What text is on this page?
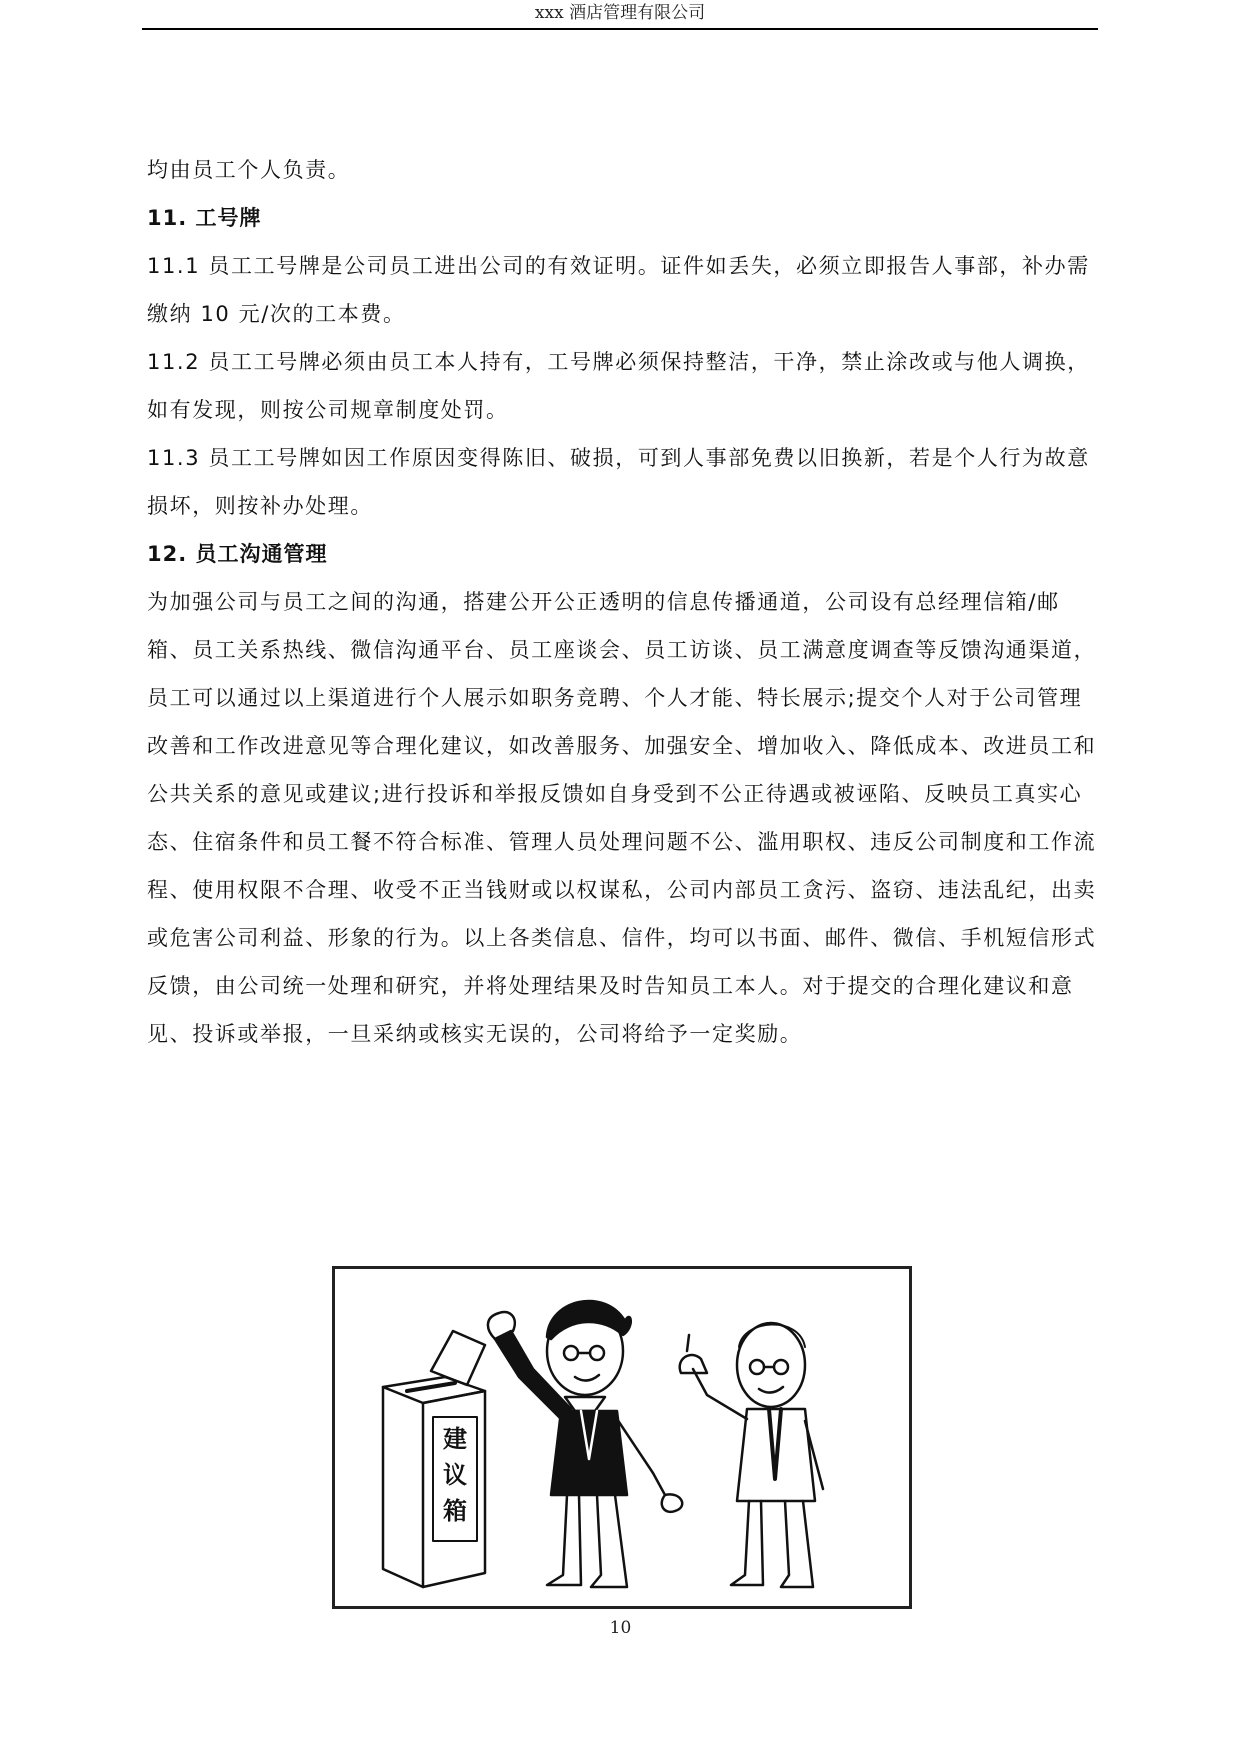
xxx 酒店管理有限公司

均由员工个人负责。

11. 工号牌

11.1 员工工号牌是公司员工进出公司的有效证明。证件如丢失，必须立即报告人事部，补办需缴纳 10 元/次的工本费。

11.2 员工工号牌必须由员工本人持有，工号牌必须保持整洁，干净，禁止涂改或与他人调换，如有发现，则按公司规章制度处罚。

11.3 员工工号牌如因工作原因变得陈旧、破损，可到人事部免费以旧换新，若是个人行为故意损坏，则按补办处理。

12. 员工沟通管理

为加强公司与员工之间的沟通，搭建公开公正透明的信息传播通道，公司设有总经理信箱/邮箱、员工关系热线、微信沟通平台、员工座谈会、员工访谈、员工满意度调查等反馈沟通渠道，员工可以通过以上渠道进行个人展示如职务竞聘、个人才能、特长展示;提交个人对于公司管理改善和工作改进意见等合理化建议，如改善服务、加强安全、增加收入、降低成本、改进员工和公共关系的意见或建议;进行投诉和举报反馈如自身受到不公正待遇或被诬陷、反映员工真实心态、住宿条件和员工餐不符合标准、管理人员处理问题不公、滥用职权、违反公司制度和工作流程、使用权限不合理、收受不正当钱财或以权谋私，公司内部员工贪污、盗窃、违法乱纪，出卖或危害公司利益、形象的行为。以上各类信息、信件，均可以书面、邮件、微信、手机短信形式反馈，由公司统一处理和研究，并将处理结果及时告知员工本人。对于提交的合理化建议和意见、投诉或举报，一旦采纳或核实无误的，公司将给予一定奖励。

建
议
箱
10
